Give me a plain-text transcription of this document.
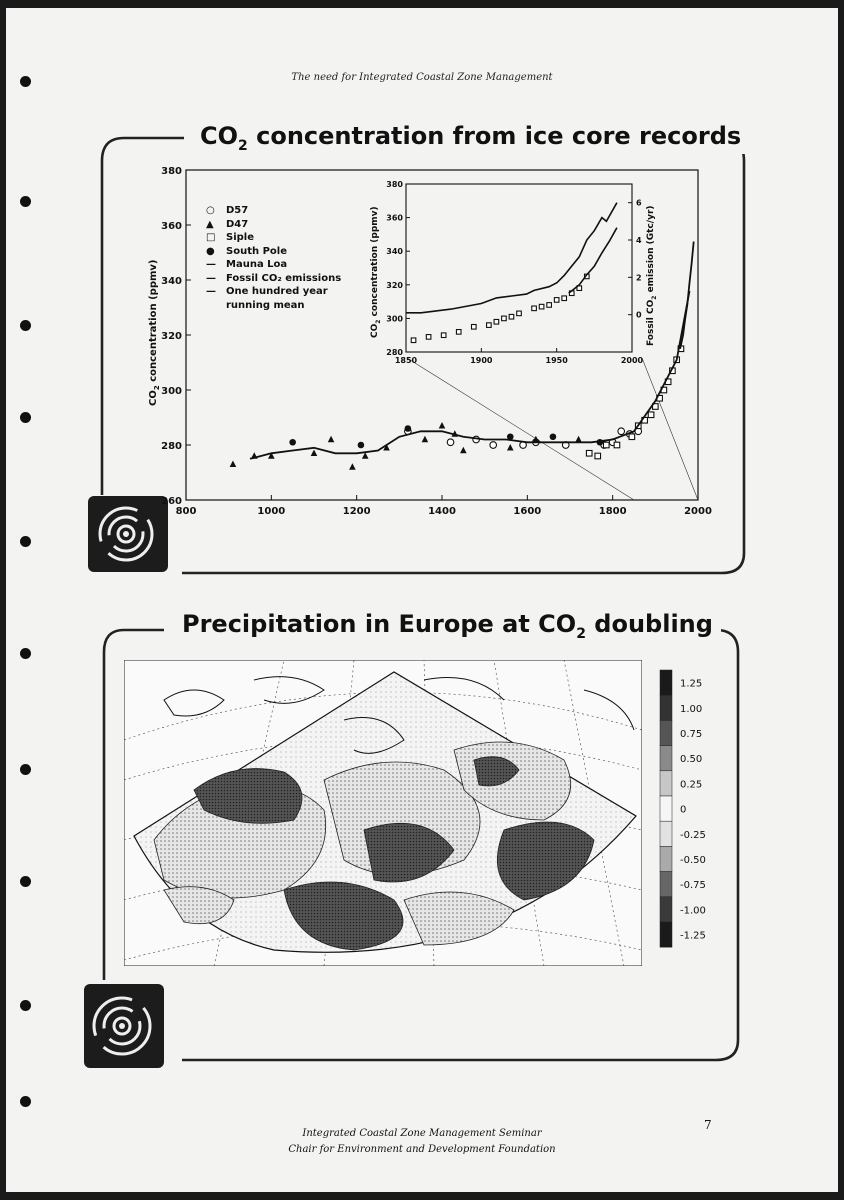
The need for Integrated Coastal Zone Management
$CO_2$ concentration from ice core records
800	1000	1200	1400	1600	1800	2000
260
280
300
320
340
360
380
$CO_2$ concentration (ppmv)
○ D57
▲ D47
□ Siple
● South Pole
— Mauna Loa
— Fossil CO₂ emissions
— One hundred year
running mean
1850	1900	1950	2000
280
300
320
340
360
380
0
2
4
6
$CO_2$ concentration (ppmv)
Fossil $CO_2$ emission (Gtc/yr)
Precipitation in Europe at $CO_2$ doubling
1.25
1.00
0.75
0.50
0.25
0
-0.25
-0.50
-0.75
-1.00
-1.25
7
Integrated Coastal Zone Management Seminar
Chair for Environment and Development Foundation
